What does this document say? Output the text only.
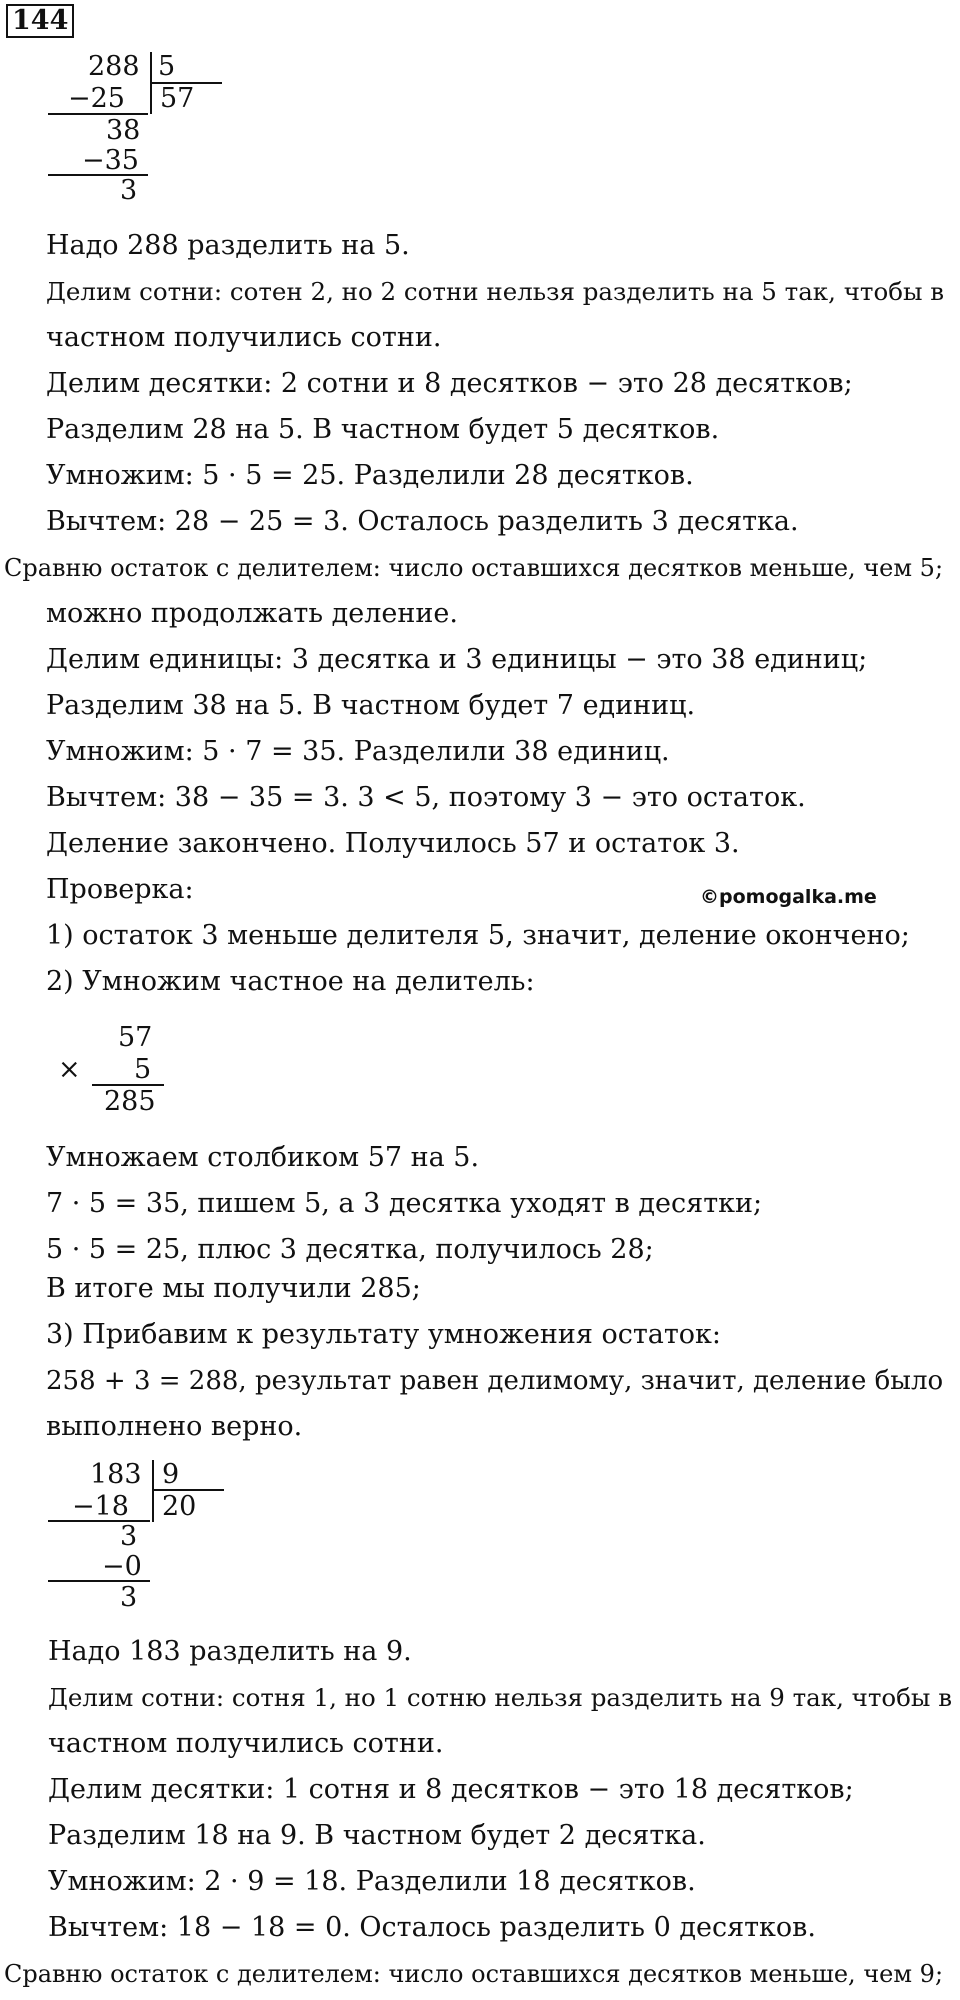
144
288 5
−25 57
38
−35
3
Надо 288 разделить на 5.
Делим сотни: сотен 2, но 2 сотни нельзя разделить на 5 так, чтобы в
частном получились сотни.
Делим десятки: 2 сотни и 8 десятков − это 28 десятков;
Разделим 28 на 5. В частном будет 5 десятков.
Умножим: 5 · 5 = 25. Разделили 28 десятков.
Вычтем: 28 − 25 = 3. Осталось разделить 3 десятка.
Сравню остаток с делителем: число оставшихся десятков меньше, чем 5;
можно продолжать деление.
Делим единицы: 3 десятка и 3 единицы − это 38 единиц;
Разделим 38 на 5. В частном будет 7 единиц.
Умножим: 5 · 7 = 35. Разделили 38 единиц.
Вычтем: 38 − 35 = 3. 3 < 5, поэтому 3 − это остаток.
Деление закончено. Получилось 57 и остаток 3.
Проверка:
1) остаток 3 меньше делителя 5, значит, деление окончено;
2) Умножим частное на делитель:
©pomogalka.me
57
× 5
285
Умножаем столбиком 57 на 5.
7 · 5 = 35, пишем 5, а 3 десятка уходят в десятки;
5 · 5 = 25, плюс 3 десятка, получилось 28;
В итоге мы получили 285;
3) Прибавим к результату умножения остаток:
258 + 3 = 288, результат равен делимому, значит, деление было
выполнено верно.
183 9
−18 20
3
−0
3
Надо 183 разделить на 9.
Делим сотни: сотня 1, но 1 сотню нельзя разделить на 9 так, чтобы в
частном получились сотни.
Делим десятки: 1 сотня и 8 десятков − это 18 десятков;
Разделим 18 на 9. В частном будет 2 десятка.
Умножим: 2 · 9 = 18. Разделили 18 десятков.
Вычтем: 18 − 18 = 0. Осталось разделить 0 десятков.
Сравню остаток с делителем: число оставшихся десятков меньше, чем 9;
